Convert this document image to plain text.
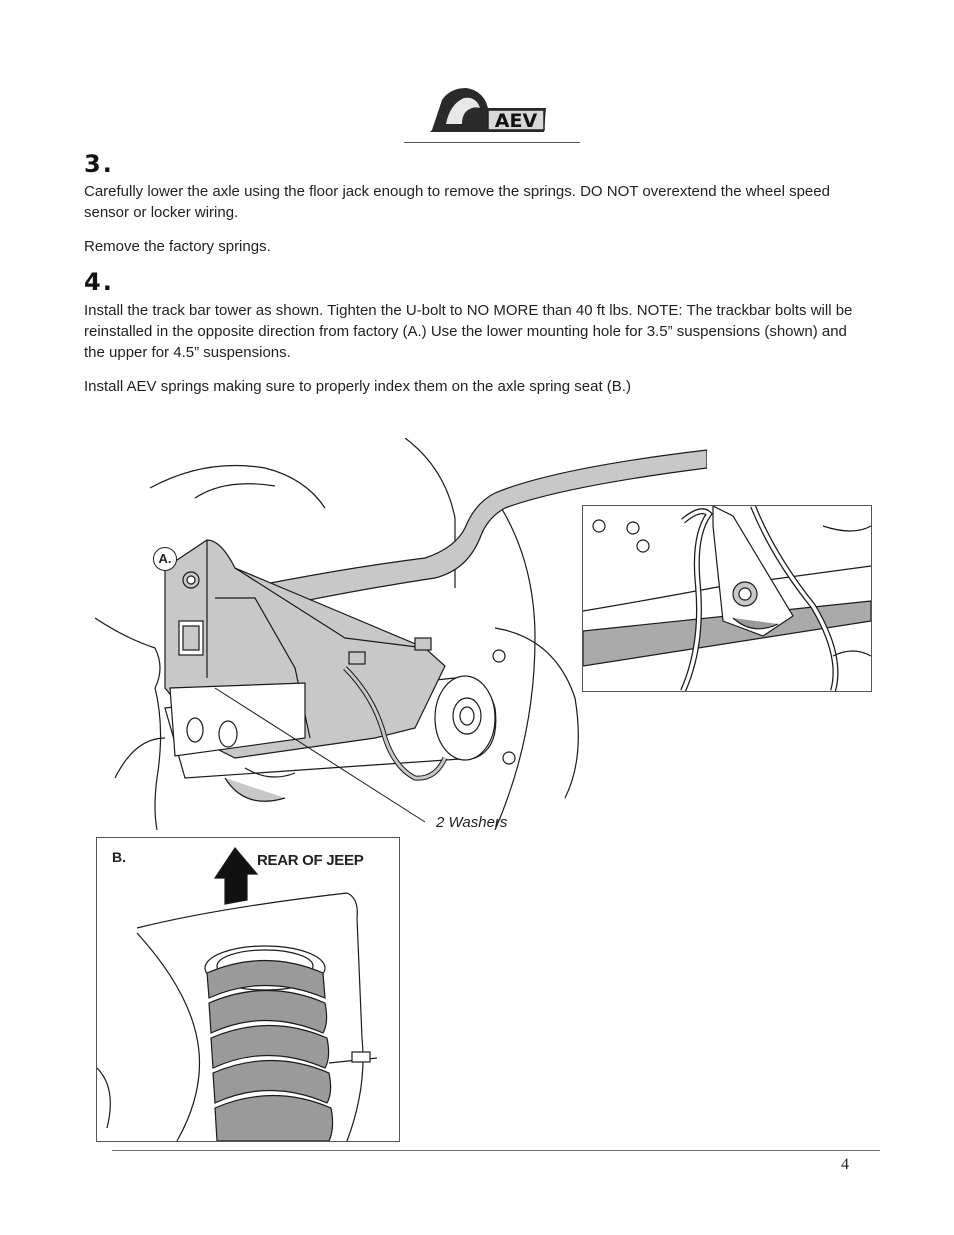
AEV
3.

Carefully lower the axle using the floor jack enough to remove the springs. DO NOT overextend the wheel speed sensor or locker wiring.

Remove the factory springs.

4.

Install the track bar tower as shown. Tighten the U-bolt to NO MORE than 40 ft lbs. NOTE: The trackbar bolts will be reinstalled in the opposite direction from factory (A.) Use the lower mounting hole for 3.5” suspensions (shown) and the upper for 4.5” suspensions.

Install AEV springs making sure to properly index them on the axle spring seat (B.)

A.
2 Washers
B.	REAR OF JEEP
4
